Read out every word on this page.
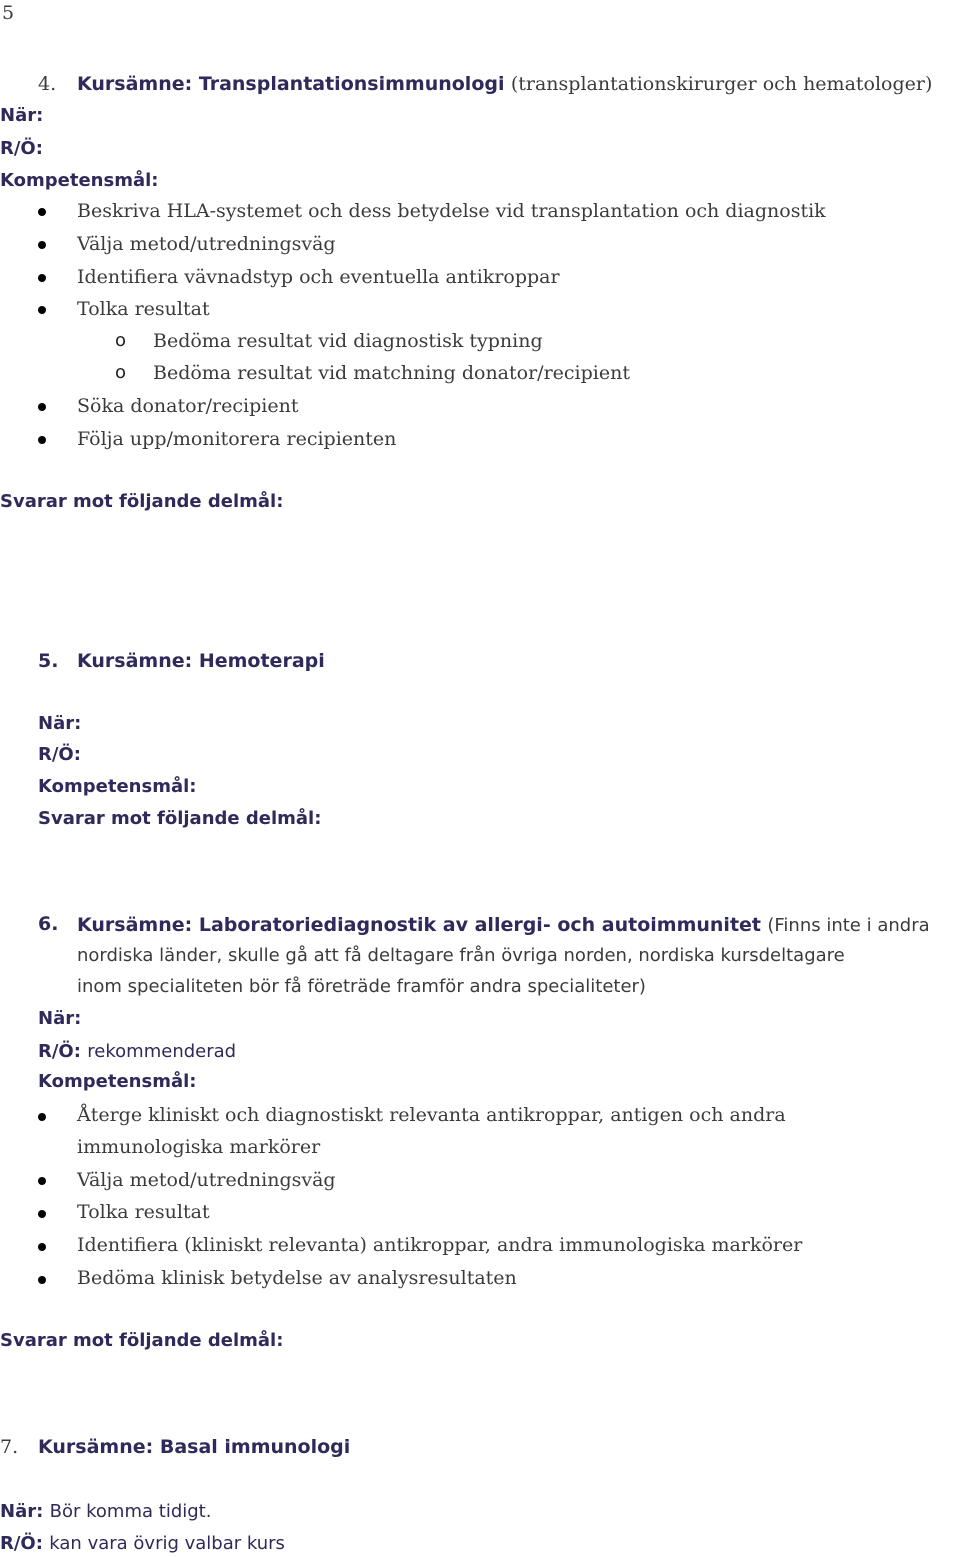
5
4. Kursämne: Transplantationsimmunologi (transplantationskirurger och hematologer)
När:
R/Ö:
Kompetensmål:
Beskriva HLA-systemet och dess betydelse vid transplantation och diagnostik
Välja metod/utredningsväg
Identifiera vävnadstyp och eventuella antikroppar
Tolka resultat
o Bedöma resultat vid diagnostisk typning
o Bedöma resultat vid matchning donator/recipient
Söka donator/recipient
Följa upp/monitorera recipienten
Svarar mot följande delmål:
5. Kursämne: Hemoterapi
När:
R/Ö:
Kompetensmål:
Svarar mot följande delmål:
6. Kursämne: Laboratoriediagnostik av allergi- och autoimmunitet (Finns inte i andra
nordiska länder, skulle gå att få deltagare från övriga norden, nordiska kursdeltagare
inom specialiteten bör få företräde framför andra specialiteter)
När:
R/Ö: rekommenderad
Kompetensmål:
Återge kliniskt och diagnostiskt relevanta antikroppar, antigen och andra
immunologiska markörer
Välja metod/utredningsväg
Tolka resultat
Identifiera (kliniskt relevanta) antikroppar, andra immunologiska markörer
Bedöma klinisk betydelse av analysresultaten
Svarar mot följande delmål:
7. Kursämne: Basal immunologi
När: Bör komma tidigt.
R/Ö: kan vara övrig valbar kurs
